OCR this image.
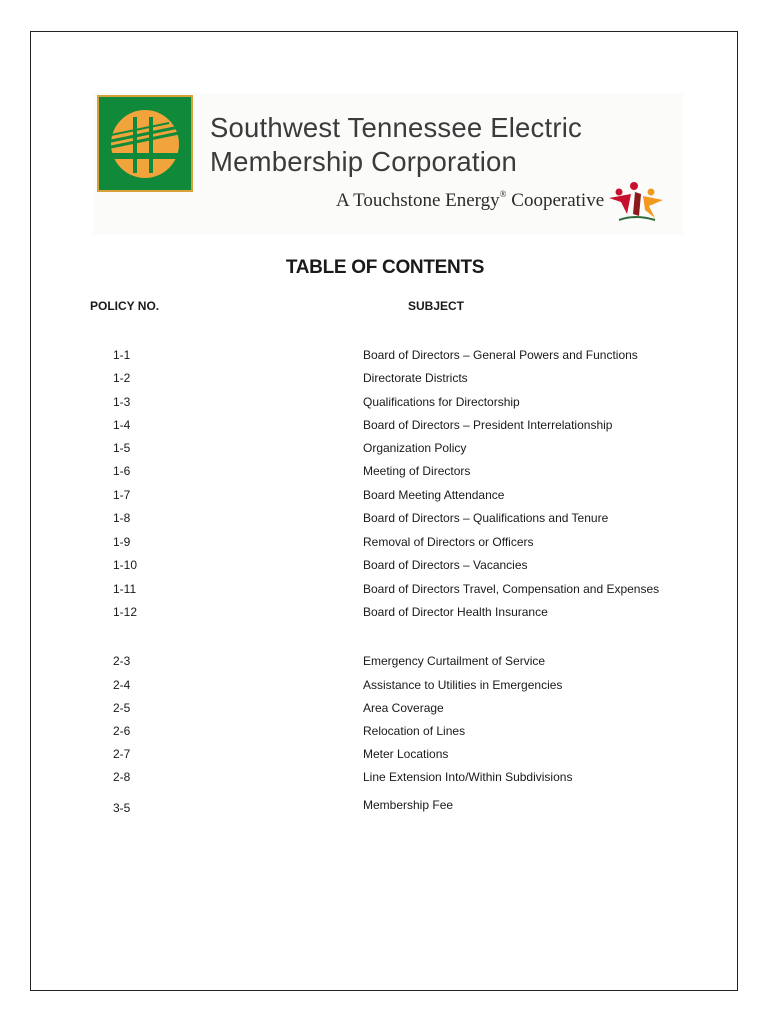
Southwest Tennessee Electric
Membership Corporation
A Touchstone Energy® Cooperative
TABLE OF CONTENTS
POLICY NO.	SUBJECT
1-1	Board of Directors – General Powers and Functions
1-2	Directorate Districts
1-3	Qualifications for Directorship
1-4	Board of Directors – President Interrelationship
1-5	Organization Policy
1-6	Meeting of Directors
1-7	Board Meeting Attendance
1-8	Board of Directors – Qualifications and Tenure
1-9	Removal of Directors or Officers
1-10	Board of Directors – Vacancies
1-11	Board of Directors Travel, Compensation and Expenses
1-12	Board of Director Health Insurance
2-3	Emergency Curtailment of Service
2-4	Assistance to Utilities in Emergencies
2-5	Area Coverage
2-6	Relocation of Lines
2-7	Meter Locations
2-8	Line Extension Into/Within Subdivisions
3-5	Membership Fee
